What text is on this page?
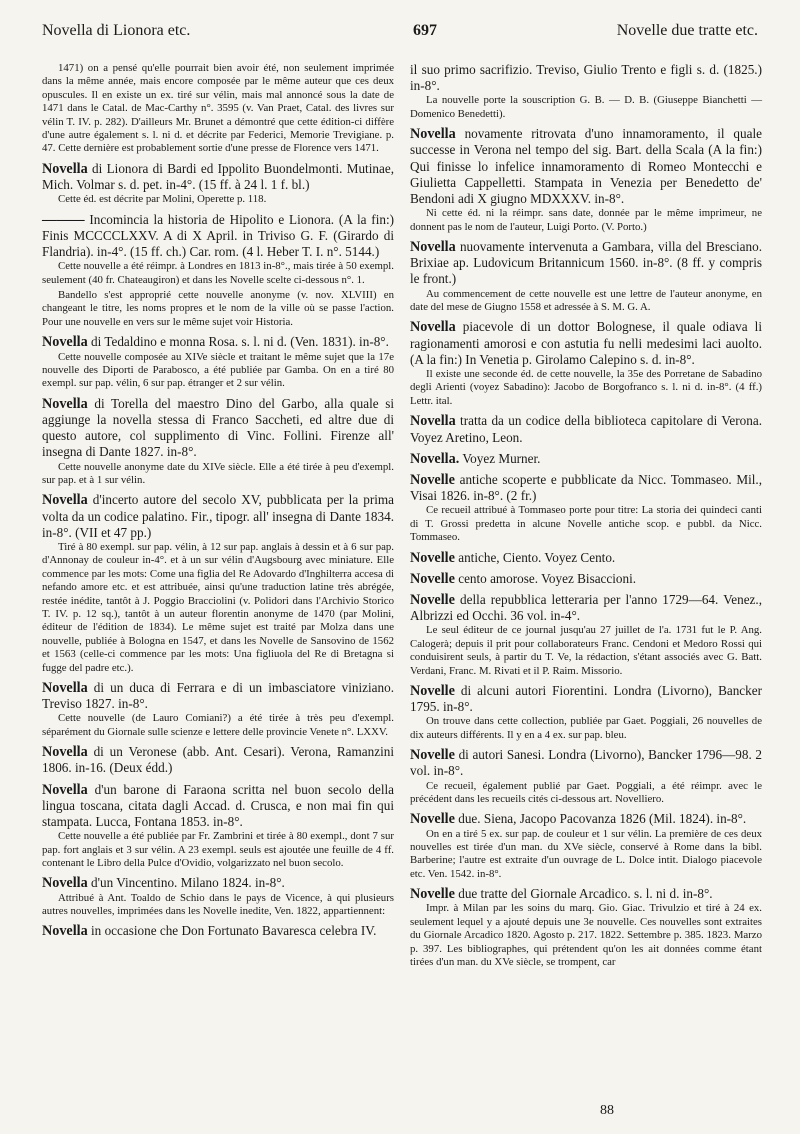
Novella di Lionora etc.	697	Novelle due tratte etc.

1471) on a pensé qu'elle pourrait bien avoir été, non seulement imprimée dans la même année, mais encore composée par le même auteur que ces deux opuscules. Il en existe un ex. tiré sur vélin, mais mal annoncé sous la date de 1471 dans le Catal. de Mac-Carthy n°. 3595 (v. Van Praet, Catal. des livres sur vélin T. IV. p. 282). D'ailleurs Mr. Brunet a démontré que cette édition-ci diffère d'une autre également s. l. ni d. et décrite par Federici, Memorie Trevigiane. p. 47. Cette dernière est probablement sortie d'une presse de Florence vers 1471.

Novella di Lionora di Bardi ed Ippolito Buondelmonti. Mutinae, Mich. Volmar s. d. pet. in-4°. (15 ff. à 24 l. 1 f. bl.)

Cette éd. est décrite par Molini, Operette p. 118.

——— Incomincia la historia de Hipolito e Lionora. (A la fin:) Finis MCCCCLXXV. A di X April. in Triviso G. F. (Girardo di Flandria). in-4°. (15 ff. ch.) Car. rom. (4 l. Heber T. I. n°. 5144.)

Cette nouvelle a été réimpr. à Londres en 1813 in-8°., mais tirée à 50 exempl. seulement (40 fr. Chateaugiron) et dans les Novelle scelte ci-dessous n°. 1.

Bandello s'est approprié cette nouvelle anonyme (v. nov. XLVIII) en changeant le titre, les noms propres et le nom de la ville où se passe l'action. Pour une nouvelle en vers sur le même sujet voir Historia.

Novella di Tedaldino e monna Rosa. s. l. ni d. (Ven. 1831). in-8°.

Cette nouvelle composée au XIVe siècle et traitant le même sujet que la 17e nouvelle des Diporti de Parabosco, a été publiée par Gamba. On en a tiré 80 exempl. sur pap. vélin, 6 sur pap. étranger et 2 sur vélin.

Novella di Torella del maestro Dino del Garbo, alla quale si aggiunge la novella stessa di Franco Saccheti, ed altre due di questo autore, col supplimento di Vinc. Follini. Firenze all' insegna di Dante 1827. in-8°.

Cette nouvelle anonyme date du XIVe siècle. Elle a été tirée à peu d'exempl. sur pap. et à 1 sur vélin.

Novella d'incerto autore del secolo XV, pubblicata per la prima volta da un codice palatino. Fir., tipogr. all' insegna di Dante 1834. in-8°. (VII et 47 pp.)

Tiré à 80 exempl. sur pap. vélin, à 12 sur pap. anglais à dessin et à 6 sur pap. d'Annonay de couleur in-4°. et à un sur vélin d'Augsbourg avec miniature. Elle commence par les mots: Come una figlia del Re Adovardo d'Inghilterra accesa di nefando amore etc. et est attribuée, ainsi qu'une traduction latine très abrégée, restée inédite, tantôt à J. Poggio Bracciolini (v. Polidori dans l'Archivio Storico T. IV. p. 12 sq.), tantôt à un auteur florentin anonyme de 1470 (par Molini, éditeur de l'édition de 1834). Le même sujet est traité par Molza dans une nouvelle, publiée à Bologna en 1547, et dans les Novelle de Sansovino de 1562 et 1563 (celle-ci commence par les mots: Una figliuola del Re di Bretagna si fugge del padre etc.).

Novella di un duca di Ferrara e di un imbasciatore viniziano. Treviso 1827. in-8°.

Cette nouvelle (de Lauro Comiani?) a été tirée à très peu d'exempl. séparément du Giornale sulle scienze e lettere delle provincie Venete n°. LXXV.

Novella di un Veronese (abb. Ant. Cesari). Verona, Ramanzini 1806. in-16. (Deux édd.)

Novella d'un barone di Faraona scritta nel buon secolo della lingua toscana, citata dagli Accad. d. Crusca, e non mai fin qui stampata. Lucca, Fontana 1853. in-8°.

Cette nouvelle a été publiée par Fr. Zambrini et tirée à 80 exempl., dont 7 sur pap. fort anglais et 3 sur vélin. A 23 exempl. seuls est ajoutée une feuille de 4 ff. contenant le Libro della Pulce d'Ovidio, volgarizzato nel buon secolo.

Novella d'un Vincentino. Milano 1824. in-8°.

Attribué à Ant. Toaldo de Schio dans le pays de Vicence, à qui plusieurs autres nouvelles, imprimées dans les Novelle inedite, Ven. 1822, appartiennent:

Novella in occasione che Don Fortunato Bavaresca celebra IV.

il suo primo sacrifizio. Treviso, Giulio Trento e figli s. d. (1825.) in-8°.

La nouvelle porte la souscription G. B. — D. B. (Giuseppe Bianchetti — Domenico Benedetti).

Novella novamente ritrovata d'uno innamoramento, il quale successe in Verona nel tempo del sig. Bart. della Scala (A la fin:) Qui finisse lo infelice innamoramento di Romeo Montecchi e Giulietta Cappelletti. Stampata in Venezia per Benedetto de' Bendoni adi X giugno MDXXXV. in-8°.

Ni cette éd. ni la réimpr. sans date, donnée par le même imprimeur, ne donnent pas le nom de l'auteur, Luigi Porto. (V. Porto.)

Novella nuovamente intervenuta a Gambara, villa del Bresciano. Brixiae ap. Ludovicum Britannicum 1560. in-8°. (8 ff. y compris le front.)

Au commencement de cette nouvelle est une lettre de l'auteur anonyme, en date del mese de Giugno 1558 et adressée à S. M. G. A.

Novella piacevole di un dottor Bolognese, il quale odiava li ragionamenti amorosi e con astutia fu nelli medesimi laci auolto. (A la fin:) In Venetia p. Girolamo Calepino s. d. in-8°.

Il existe une seconde éd. de cette nouvelle, la 35e des Porretane de Sabadino degli Arienti (voyez Sabadino): Jacobo de Borgofranco s. l. ni d. in-8°. (4 ff.) Lettr. ital.

Novella tratta da un codice della biblioteca capitolare di Verona. Voyez Aretino, Leon.

Novella. Voyez Murner.

Novelle antiche scoperte e pubblicate da Nicc. Tommaseo. Mil., Visai 1826. in-8°. (2 fr.)

Ce recueil attribué à Tommaseo porte pour titre: La storia dei quindeci canti di T. Grossi predetta in alcune Novelle antiche scop. e pubbl. da Nicc. Tommaseo.

Novelle antiche, Ciento. Voyez Cento.

Novelle cento amorose. Voyez Bisaccioni.

Novelle della repubblica letteraria per l'anno 1729—64. Venez., Albrizzi ed Occhi. 36 vol. in-4°.

Le seul éditeur de ce journal jusqu'au 27 juillet de l'a. 1731 fut le P. Ang. Calogerà; depuis il prit pour collaborateurs Franc. Cendoni et Medoro Rossi qui conduisirent seuls, à partir du T. Ve, la rédaction, s'étant associés avec G. Batt. Verdani, Franc. M. Rivati et il P. Raim. Missorio.

Novelle di alcuni autori Fiorentini. Londra (Livorno), Bancker 1795. in-8°.

On trouve dans cette collection, publiée par Gaet. Poggiali, 26 nouvelles de dix auteurs différents. Il y en a 4 ex. sur pap. bleu.

Novelle di autori Sanesi. Londra (Livorno), Bancker 1796—98. 2 vol. in-8°.

Ce recueil, également publié par Gaet. Poggiali, a été réimpr. avec le précédent dans les recueils cités ci-dessous art. Novelliero.

Novelle due. Siena, Jacopo Pacovanza 1826 (Mil. 1824). in-8°.

On en a tiré 5 ex. sur pap. de couleur et 1 sur vélin. La première de ces deux nouvelles est tirée d'un man. du XVe siècle, conservé à Rome dans la bibl. Barberine; l'autre est extraite d'un ouvrage de L. Dolce intit. Dialogo piacevole etc. Ven. 1542. in-8°.

Novelle due tratte del Giornale Arcadico. s. l. ni d. in-8°.

Impr. à Milan par les soins du marq. Gio. Giac. Trivulzio et tiré à 24 ex. seulement lequel y a ajouté depuis une 3e nouvelle. Ces nouvelles sont extraites du Giornale Arcadico 1820. Agosto p. 217. 1822. Settembre p. 385. 1823. Marzo p. 397. Les bibliographes, qui prétendent qu'on les ait données comme étant tirées d'un man. du XVe siècle, se trompent, car

88
